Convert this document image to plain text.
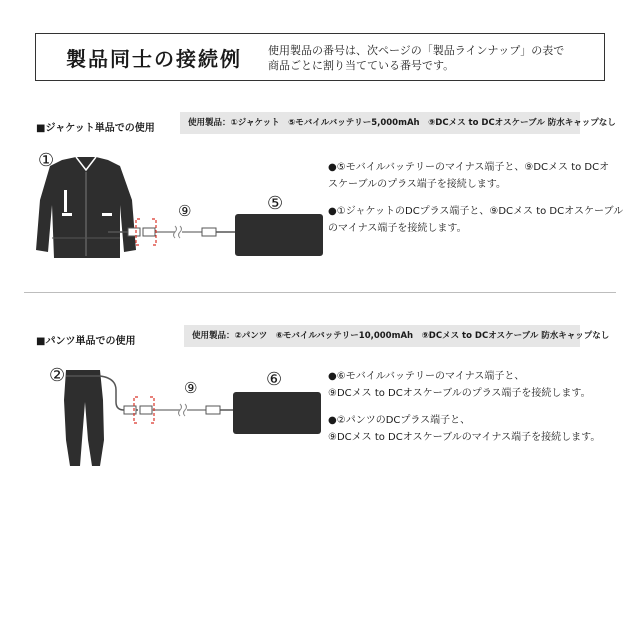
製品同士の接続例 使用製品の番号は、次ページの「製品ラインナップ」の表で
商品ごとに割り当てている番号です。
■ジャケット単品での使用	使用製品：①ジャケット　⑤モバイルバッテリー5,000mAh　⑨DCメス to DCオスケーブル 防水キャップなし
①
⑨	⑤

●⑤モバイルバッテリーのマイナス端子と、⑨DCメス to DCオ
スケーブルのプラス端子を接続します。

●①ジャケットのDCプラス端子と、⑨DCメス to DCオスケーブル
のマイナス端子を接続します。

■パンツ単品での使用	使用製品：②パンツ　⑥モバイルバッテリー10,000mAh　⑨DCメス to DCオスケーブル 防水キャップなし
②
⑨	⑥	●⑥モバイルバッテリーのマイナス端子と、
⑨DCメス to DCオスケーブルのプラス端子を接続します。

●②パンツのDCプラス端子と、
⑨DCメス to DCオスケーブルのマイナス端子を接続します。
